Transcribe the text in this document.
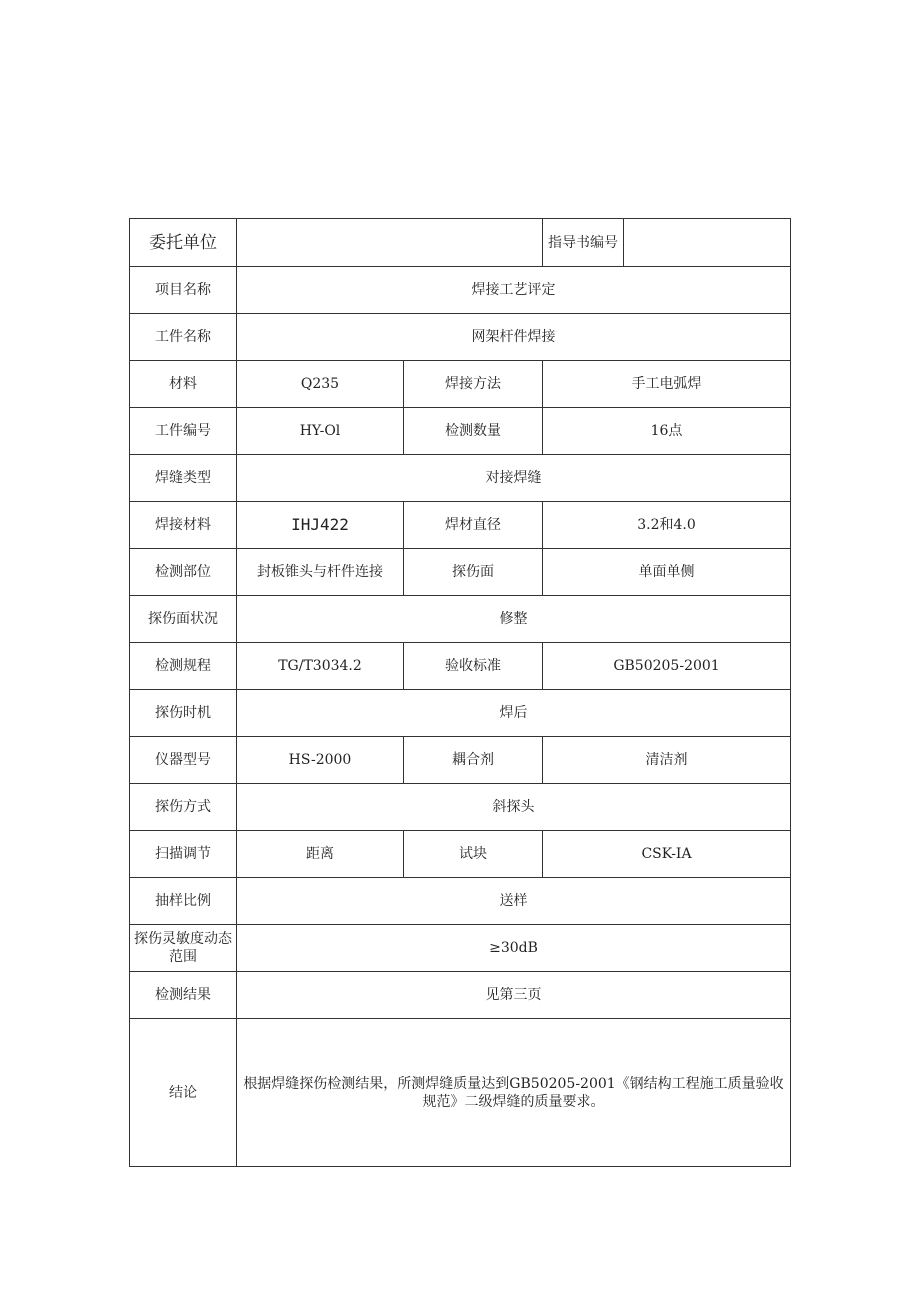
委托单位			指导书编号	
项目名称	焊接工艺评定			
工件名称	网架杆件焊接			
材料	Q235	焊接方法	手工电弧焊	
工件编号	HY-Ol	检测数量	16点	
焊缝类型	对接焊缝			
焊接材料	IHJ422	焊材直径	3.2和4.0	
检测部位	封板锥头与杆件连接	探伤面	单面单侧	
探伤面状况	修整			
检测规程	TG/T3034.2	验收标准	GB50205-2001	
探伤时机	焊后			
仪器型号	HS-2000	耦合剂	清洁剂	
探伤方式	斜探头			
扫描调节	距离	试块	CSK-IA	
抽样比例	送样			
探伤灵敏度动态范围	≥30dB			
检测结果	见第三页			
结论	根据焊缝探伤检测结果，所测焊缝质量达到GB50205-2001《钢结构工程施工质量验收规范》二级焊缝的质量要求。			
